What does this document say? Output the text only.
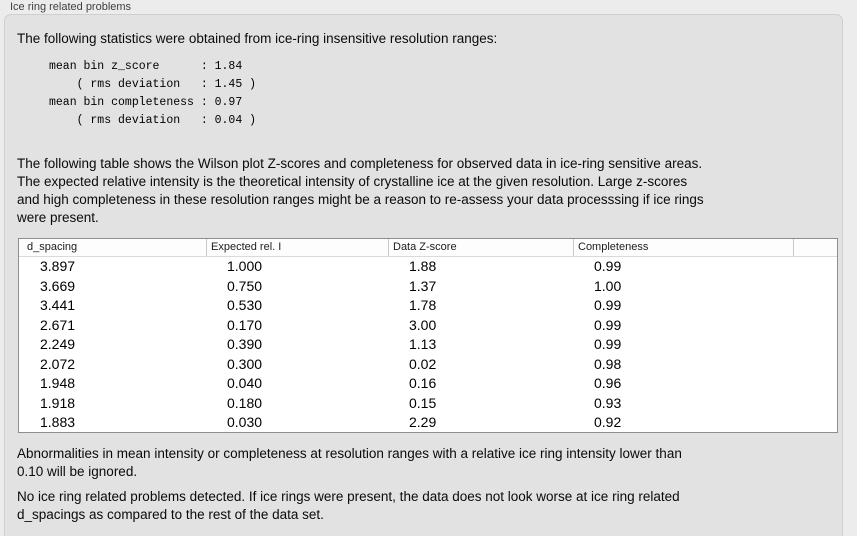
Ice ring related problems

The following statistics were obtained from ice-ring insensitive resolution ranges:

mean bin z_score      : 1.84
( rms deviation   : 1.45 )
mean bin completeness : 0.97
( rms deviation   : 0.04 )

The following table shows the Wilson plot Z-scores and completeness for observed data in ice-ring sensitive areas.
The expected relative intensity is the theoretical intensity of crystalline ice at the given resolution. Large z-scores
and high completeness in these resolution ranges might be a reason to re-assess your data processsing if ice rings
were present.

d_spacing	Expected rel. I	Data Z-score	Completeness
3.897	1.000	1.88	0.99
3.669	0.750	1.37	1.00
3.441	0.530	1.78	0.99
2.671	0.170	3.00	0.99
2.249	0.390	1.13	0.99
2.072	0.300	0.02	0.98
1.948	0.040	0.16	0.96
1.918	0.180	0.15	0.93
1.883	0.030	2.29	0.92

Abnormalities in mean intensity or completeness at resolution ranges with a relative ice ring intensity lower than
0.10 will be ignored.

No ice ring related problems detected. If ice rings were present, the data does not look worse at ice ring related
d_spacings as compared to the rest of the data set.
